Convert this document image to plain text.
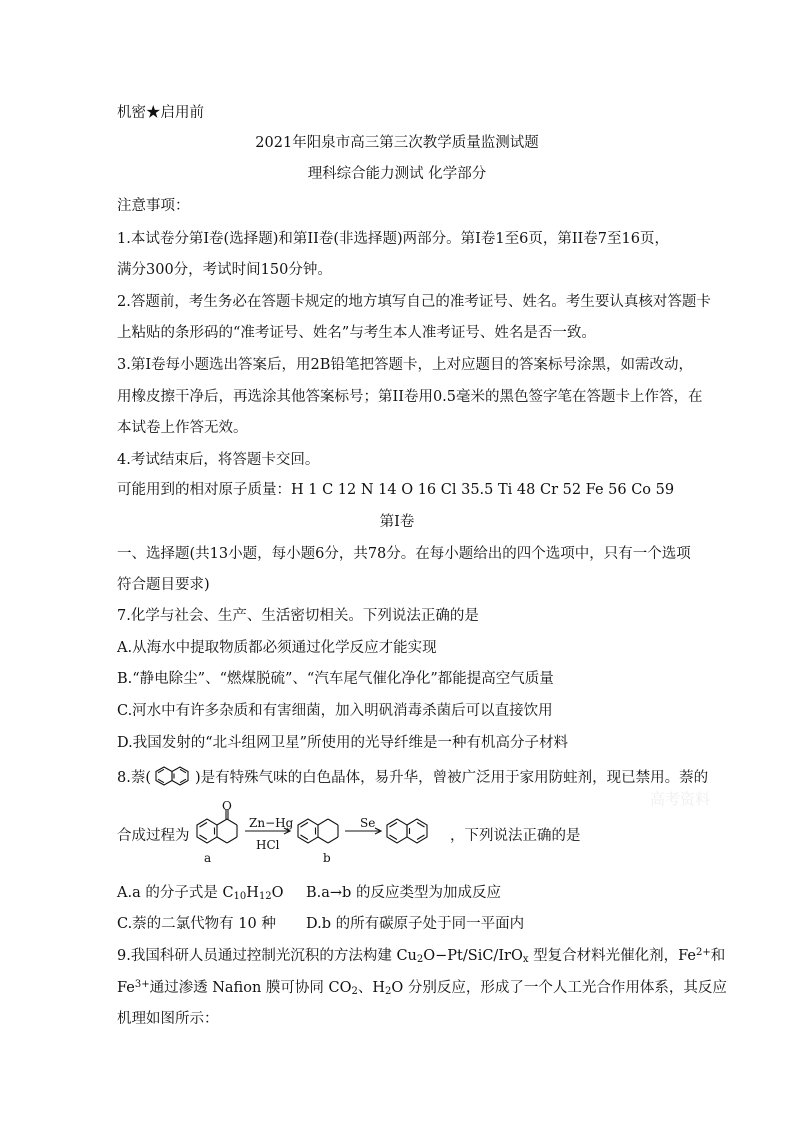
机密★启用前
2021年阳泉市高三第三次教学质量监测试题
理科综合能力测试 化学部分
注意事项：
1.本试卷分第I卷(选择题)和第II卷(非选择题)两部分。第I卷1至6页，第II卷7至16页，
满分300分，考试时间150分钟。
2.答题前，考生务必在答题卡规定的地方填写自己的准考证号、姓名。考生要认真核对答题卡
上粘贴的条形码的“准考证号、姓名”与考生本人准考证号、姓名是否一致。
3.第I卷每小题选出答案后，用2B铅笔把答题卡，上对应题目的答案标号涂黑，如需改动，
用橡皮擦干净后，再选涂其他答案标号；第II卷用0.5毫米的黑色签字笔在答题卡上作答，在
本试卷上作答无效。
4.考试结束后，将答题卡交回。
可能用到的相对原子质量：H 1 C 12 N 14 O 16 Cl 35.5 Ti 48 Cr 52 Fe 56 Co 59
第I卷
一、选择题(共13小题，每小题6分，共78分。在每小题给出的四个选项中，只有一个选项
符合题目要求)
7.化学与社会、生产、生活密切相关。下列说法正确的是
A.从海水中提取物质都必须通过化学反应才能实现
B.“静电除尘”、“燃煤脱硫”、“汽车尾气催化净化”都能提高空气质量
C.河水中有许多杂质和有害细菌，加入明矾消毒杀菌后可以直接饮用
D.我国发射的“北斗组网卫星”所使用的光导纤维是一种有机高分子材料
8.萘(	)是有特殊气味的白色晶体，易升华，曾被广泛用于家用防蛀剂，现已禁用。萘的
合成过程为
O
a	b
Zn−Hg
HCl
Se
，下列说法正确的是
A.a 的分子式是 $C_{10}H_{12}O$ B.a→b 的反应类型为加成反应
C.萘的二氯代物有 10 种 D.b 的所有碳原子处于同一平面内
9.我国科研人员通过控制光沉积的方法构建 $Cu_2O-Pt/SiC/IrO_x$ 型复合材料光催化剂，$Fe^{2+}$和
$Fe^{3+}$通过渗透 Nafion 膜可协同 $CO_2$、$H_2O$ 分别反应，形成了一个人工光合作用体系，其反应
机理如图所示：
高考资料
